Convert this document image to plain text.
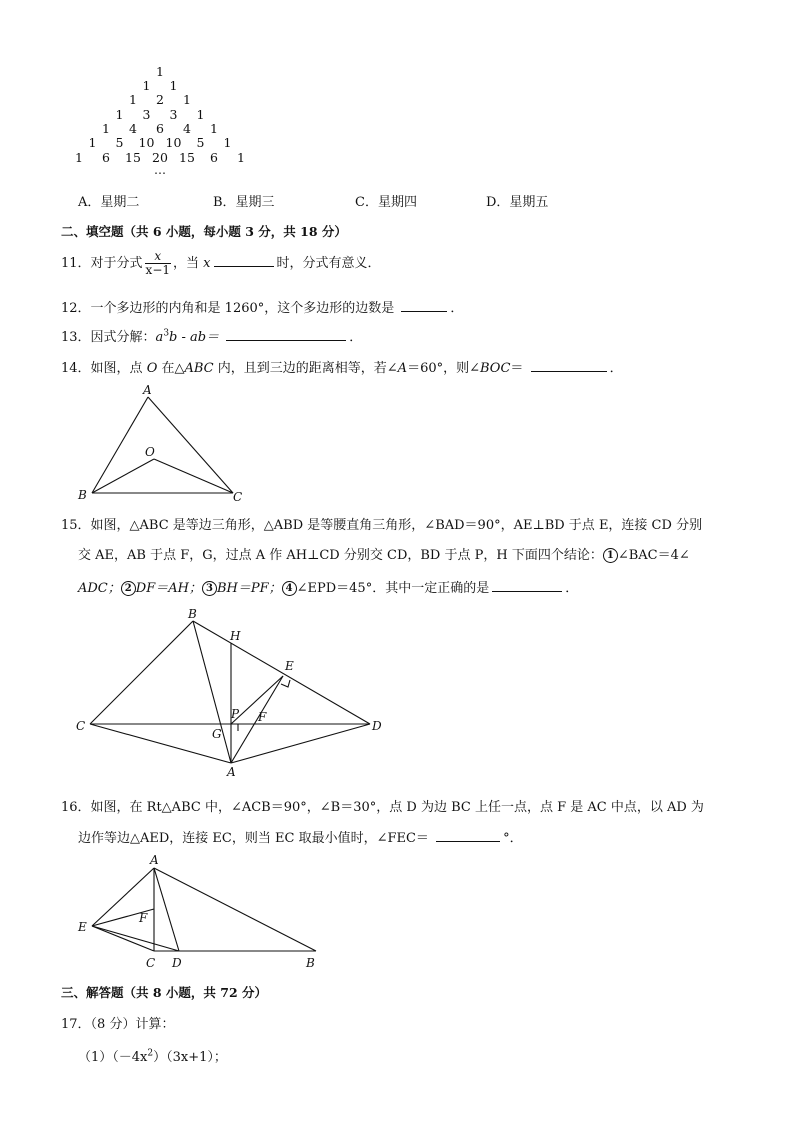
1
1 1
1 2 1
1 3 3 1
1 4 6 4 1
1 5 10 10 5 1
1 6 15 20 15 6 1
…
A．星期二	B．星期三	C．星期四	D．星期五
二、填空题（共 6 小题，每小题 3 分，共 18 分）
11．对于分式 $\frac{x}{x-1}$ ，当 x	时，分式有意义．
12．一个多边形的内角和是 1260°，这个多边形的边数是	．
13．因式分解：$a^3b - ab=$	．
14．如图，点 O 在△ABC 内，且到三边的距离相等，若∠A＝60°，则∠BOC＝	．
A
B	C
O
15．如图，△ABC 是等边三角形，△ABD 是等腰直角三角形，∠BAD＝90°，AE⊥BD 于点 E，连接 CD 分别
交 AE，AB 于点 F，G，过点 A 作 AH⊥CD 分别交 CD，BD 于点 P，H 下面四个结论： 1 ∠BAC＝4∠
ADC； 2 DF＝AH； 3 BH＝PF； 4 ∠EPD＝45°．其中一定正确的是	．
B
H
E
C
P F
G
D
A
16．如图，在 Rt△ABC 中，∠ACB＝90°，∠B＝30°，点 D 为边 BC 上任一点，点 F 是 AC 中点，以 AD 为
边作等边△AED，连接 EC，则当 EC 取最小值时，∠FEC＝	°．
A
F
E
C D	B
三、解答题（共 8 小题，共 72 分）
17．（8 分）计算：
$(1)(-4x^2)(3x+1)$；
